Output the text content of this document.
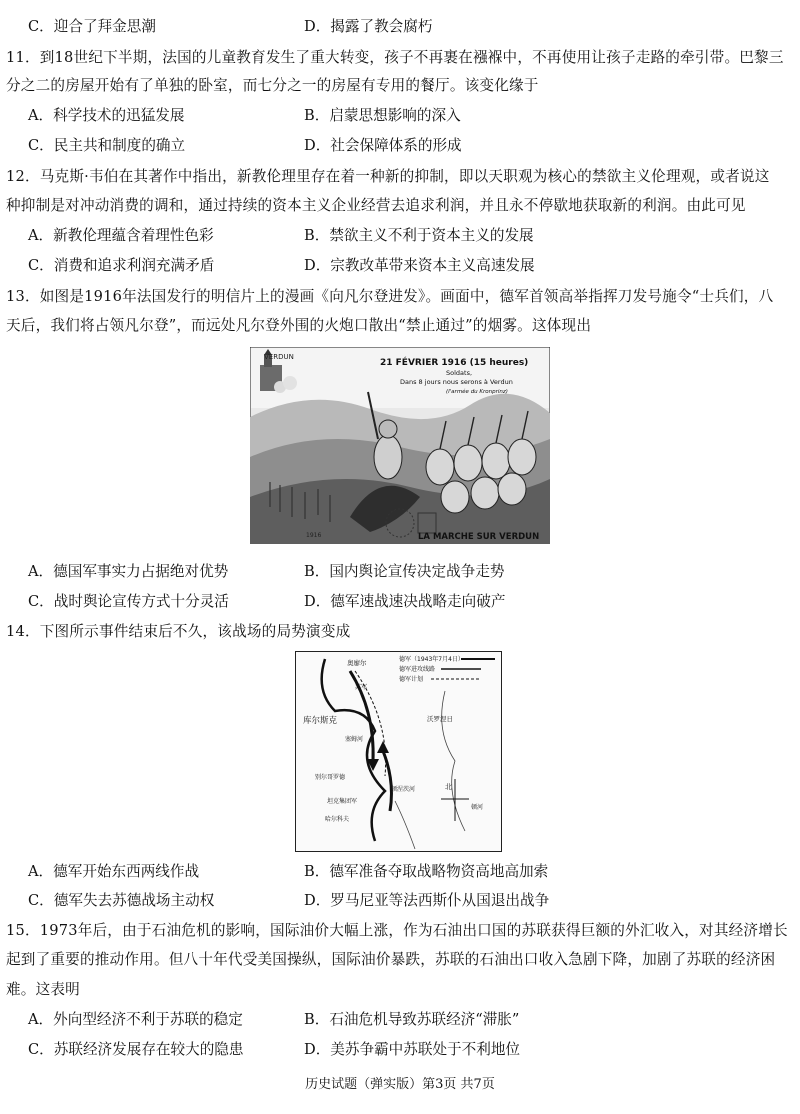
C．迎合了拜金思潮	D．揭露了教会腐朽
11．到18世纪下半期，法国的儿童教育发生了重大转变，孩子不再裹在襁褓中，不再使用让孩子走路的牵引带。巴黎三
分之二的房屋开始有了单独的卧室，而七分之一的房屋有专用的餐厅。该变化缘于
A．科学技术的迅猛发展	B．启蒙思想影响的深入
C．民主共和制度的确立	D．社会保障体系的形成
12．马克斯·韦伯在其著作中指出，新教伦理里存在着一种新的抑制，即以天职观为核心的禁欲主义伦理观，或者说这
种抑制是对冲动消费的调和，通过持续的资本主义企业经营去追求利润，并且永不停歇地获取新的利润。由此可见
A．新教伦理蕴含着理性色彩	B．禁欲主义不利于资本主义的发展
C．消费和追求利润充满矛盾	D．宗教改革带来资本主义高速发展
13．如图是1916年法国发行的明信片上的漫画《向凡尔登进发》。画面中，德军首领高举指挥刀发号施令“士兵们，八
天后，我们将占领凡尔登”，而远处凡尔登外围的火炮口散出“禁止通过”的烟雾。这体现出
VERDUN
21 FÉVRIER 1916 (15 heures)
Soldats,
Dans 8 jours nous serons à Verdun
(l'armée du Kronprinz)
1916	LA MARCHE SUR VERDUN
A．德国军事实力占据绝对优势	B．国内舆论宣传决定战争走势
C．战时舆论宣传方式十分灵活	D．德军速战速决战略走向破产
14．下图所示事件结束后不久，该战场的局势演变成
德军（1943年7月4日）
德军进攻线路
德军计划
奥廖尔
库尔斯克
塞姆河
苏军
别尔哥罗德
沃罗涅日
哈尔科夫
顿涅茨河
坦克集团军
顿河
北
A．德军开始东西两线作战	B．德军准备夺取战略物资高地高加索
C．德军失去苏德战场主动权	D．罗马尼亚等法西斯仆从国退出战争
15．1973年后，由于石油危机的影响，国际油价大幅上涨，作为石油出口国的苏联获得巨额的外汇收入，对其经济增长
起到了重要的推动作用。但八十年代受美国操纵，国际油价暴跌，苏联的石油出口收入急剧下降，加剧了苏联的经济困
难。这表明
A．外向型经济不利于苏联的稳定	B．石油危机导致苏联经济“滞胀”
C．苏联经济发展存在较大的隐患	D．美苏争霸中苏联处于不利地位
历史试题（弹实版）第3页 共7页
